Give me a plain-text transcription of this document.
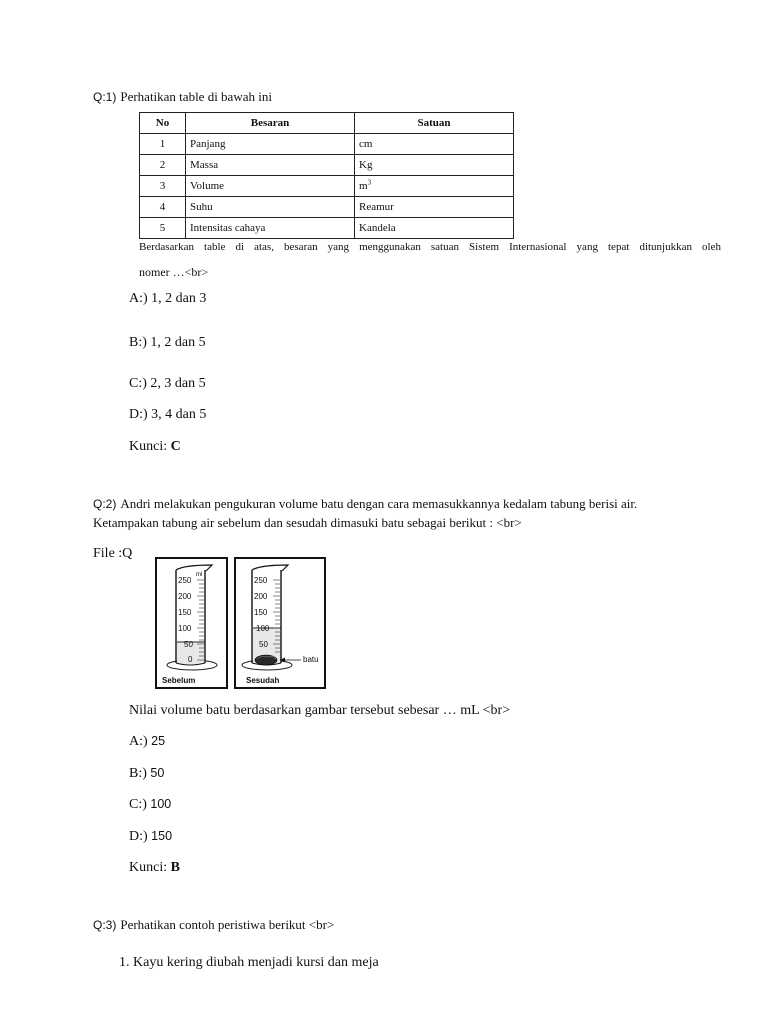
Q:1) Perhatikan table di bawah ini
No	Besaran	Satuan
1	Panjang	cm
2	Massa	Kg
3	Volume	$m^3$
4	Suhu	Reamur
5	Intensitas cahaya	Kandela
Berdasarkan table di atas, besaran yang menggunakan satuan Sistem Internasional yang tepat ditunjukkan oleh
nomer …<br>
A:) 1, 2 dan 3
B:) 1, 2 dan 5
C:) 2, 3 dan 5
D:) 3, 4 dan 5
Kunci: C
Q:2) Andri melakukan pengukuran volume batu dengan cara memasukkannya kedalam tabung berisi air.
Ketampakan tabung air sebelum dan sesudah dimasuki batu sebagai berikut : <br>
File :Q
250
ml
200
150
100
50
0
Sebelum
250
200
150
100
50
batu
Sesudah
Nilai volume batu berdasarkan gambar tersebut sebesar … mL <br>
A:) 25
B:) 50
C:) 100
D:) 150
Kunci: B
Q:3) Perhatikan contoh peristiwa berikut <br>
1. Kayu kering diubah menjadi kursi dan meja
